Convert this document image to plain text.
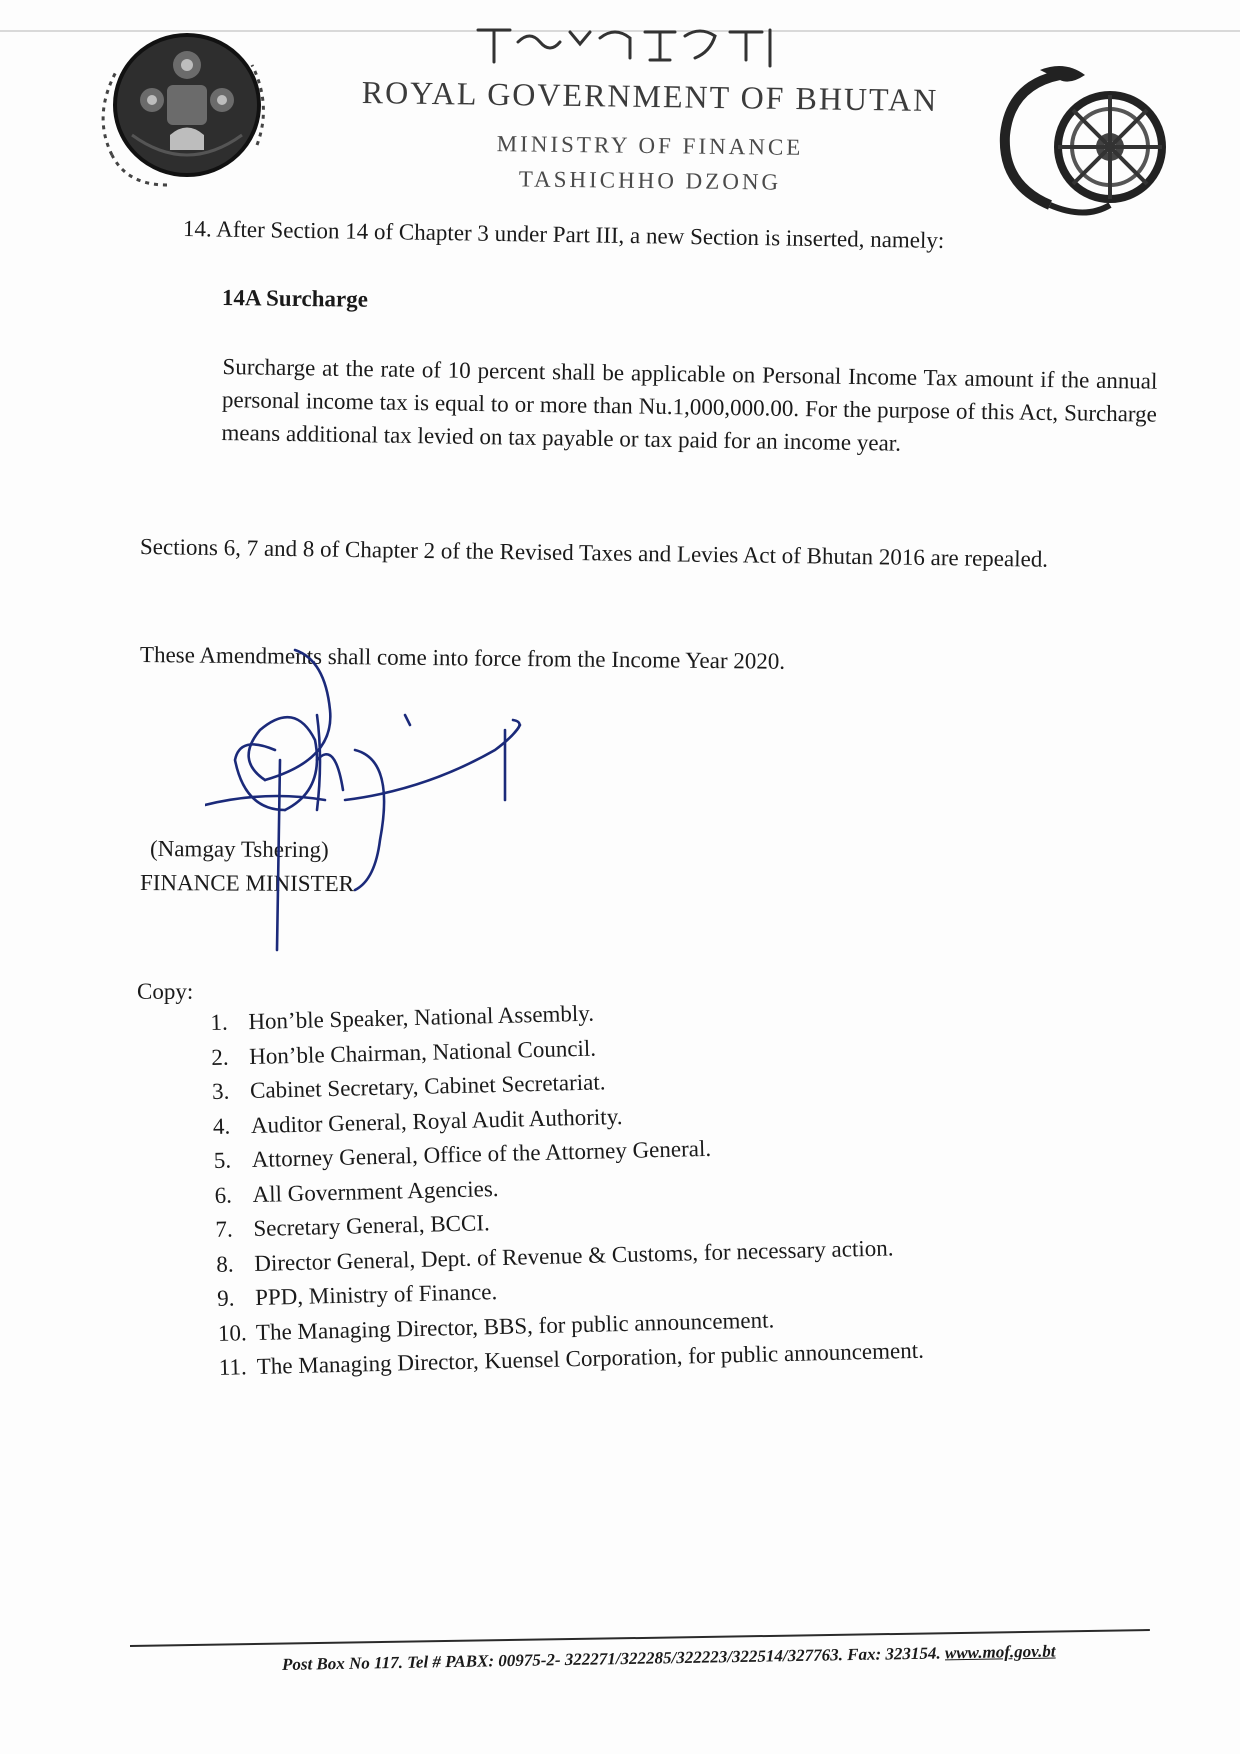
ROYAL GOVERNMENT OF BHUTAN
MINISTRY OF FINANCE
TASHICHHO DZONG
14. After Section 14 of Chapter 3 under Part III, a new Section is inserted, namely:
14A Surcharge
Surcharge at the rate of 10 percent shall be applicable on Personal Income Tax amount if the annual personal income tax is equal to or more than Nu.1,000,000.00. For the purpose of this Act, Surcharge means additional tax levied on tax payable or tax paid for an income year.
Sections 6, 7 and 8 of Chapter 2 of the Revised Taxes and Levies Act of Bhutan 2016 are repealed.
These Amendments shall come into force from the Income Year 2020.
(Namgay Tshering)
FINANCE MINISTER
Copy:
1. Hon’ble Speaker, National Assembly.
2. Hon’ble Chairman, National Council.
3. Cabinet Secretary, Cabinet Secretariat.
4. Auditor General, Royal Audit Authority.
5. Attorney General, Office of the Attorney General.
6. All Government Agencies.
7. Secretary General, BCCI.
8. Director General, Dept. of Revenue & Customs, for necessary action.
9. PPD, Ministry of Finance.
10. The Managing Director, BBS, for public announcement.
11. The Managing Director, Kuensel Corporation, for public announcement.
Post Box No 117. Tel # PABX: 00975-2- 322271/322285/322223/322514/327763. Fax: 323154. www.mof.gov.bt
